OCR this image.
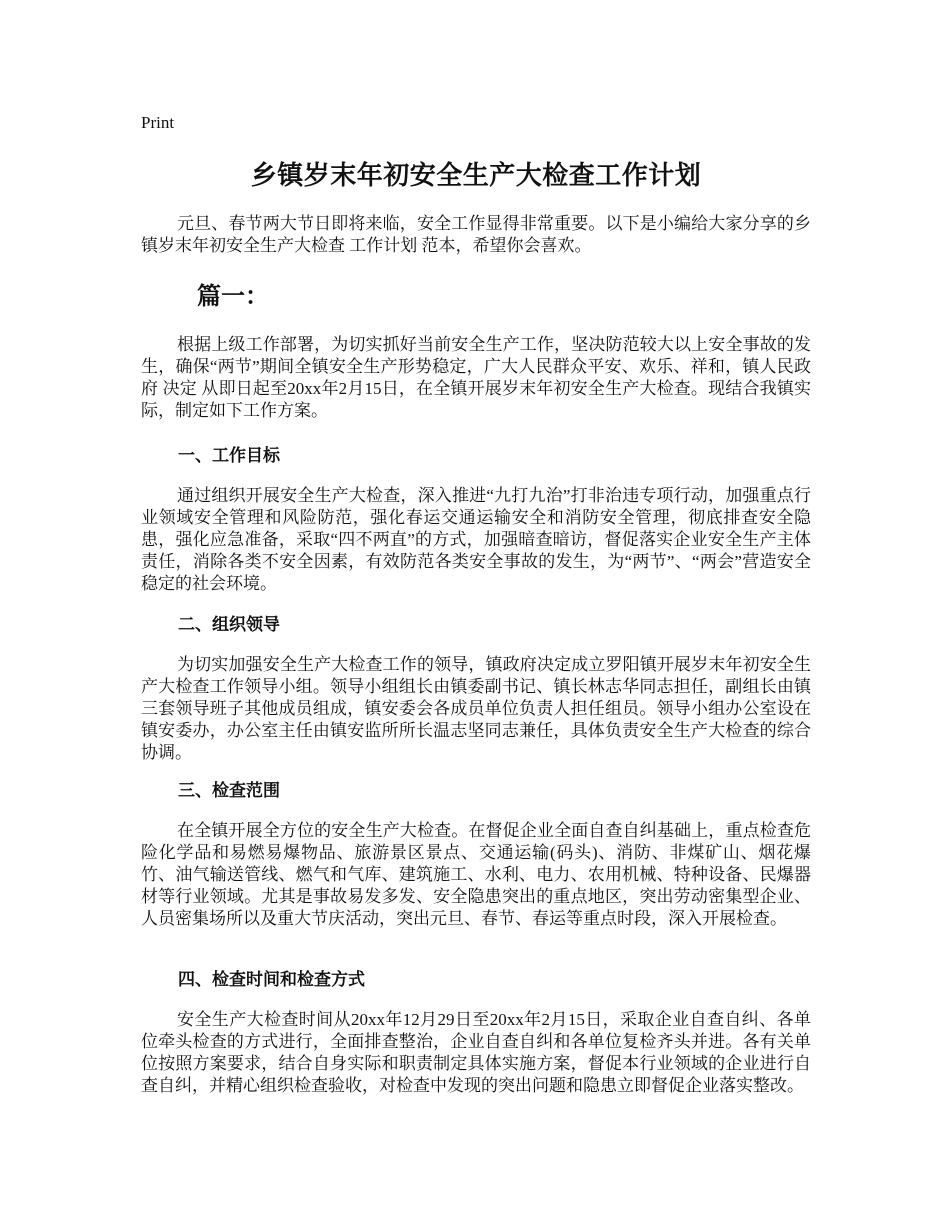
Print
乡镇岁末年初安全生产大检查工作计划

元旦、春节两大节日即将来临，安全工作显得非常重要。以下是小编给大家分享的乡镇岁末年初安全生产大检查 工作计划 范本，希望你会喜欢。

篇一：

根据上级工作部署，为切实抓好当前安全生产工作，坚决防范较大以上安全事故的发生，确保“两节”期间全镇安全生产形势稳定，广大人民群众平安、欢乐、祥和，镇人民政府 决定 从即日起至20xx年2月15日，在全镇开展岁末年初安全生产大检查。现结合我镇实际，制定如下工作方案。

一、工作目标

通过组织开展安全生产大检查，深入推进“九打九治”打非治违专项行动，加强重点行业领域安全管理和风险防范，强化春运交通运输安全和消防安全管理，彻底排查安全隐患，强化应急准备，采取“四不两直”的方式，加强暗查暗访，督促落实企业安全生产主体责任，消除各类不安全因素，有效防范各类安全事故的发生，为“两节”、“两会”营造安全稳定的社会环境。

二、组织领导

为切实加强安全生产大检查工作的领导，镇政府决定成立罗阳镇开展岁末年初安全生产大检查工作领导小组。领导小组组长由镇委副书记、镇长林志华同志担任，副组长由镇三套领导班子其他成员组成，镇安委会各成员单位负责人担任组员。领导小组办公室设在镇安委办，办公室主任由镇安监所所长温志坚同志兼任，具体负责安全生产大检查的综合协调。

三、检查范围

在全镇开展全方位的安全生产大检查。在督促企业全面自查自纠基础上，重点检查危险化学品和易燃易爆物品、旅游景区景点、交通运输(码头)、消防、非煤矿山、烟花爆竹、油气输送管线、燃气和气库、建筑施工、水利、电力、农用机械、特种设备、民爆器材等行业领域。尤其是事故易发多发、安全隐患突出的重点地区，突出劳动密集型企业、人员密集场所以及重大节庆活动，突出元旦、春节、春运等重点时段，深入开展检查。

四、检查时间和检查方式

安全生产大检查时间从20xx年12月29日至20xx年2月15日，采取企业自查自纠、各单位牵头检查的方式进行，全面排查整治，企业自查自纠和各单位复检齐头并进。各有关单位按照方案要求，结合自身实际和职责制定具体实施方案，督促本行业领域的企业进行自查自纠，并精心组织检查验收，对检查中发现的突出问题和隐患立即督促企业落实整改。
